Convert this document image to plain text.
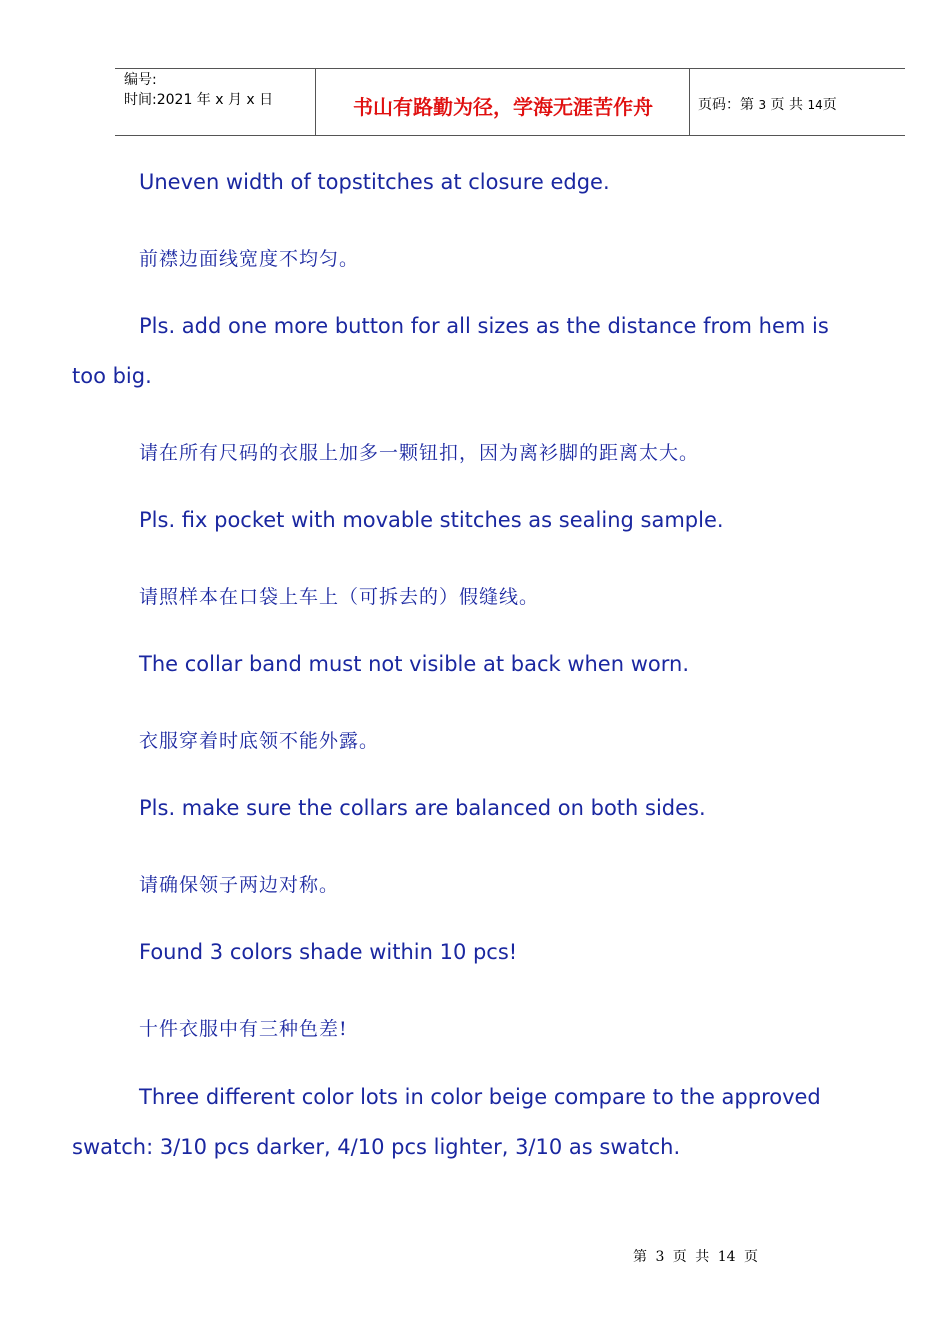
编号:
时间:2021 年 x 月 x 日	书山有路勤为径，学海无涯苦作舟	页码：第 3 页 共 14页
Uneven width of topstitches at closure edge.
前襟边面线宽度不均匀。
Pls. add one more button for all sizes as the distance from hem is
too big.
请在所有尺码的衣服上加多一颗钮扣，因为离衫脚的距离太大。
Pls. fix pocket with movable stitches as sealing sample.
请照样本在口袋上车上（可拆去的）假缝线。
The collar band must not visible at back when worn.
衣服穿着时底领不能外露。
Pls. make sure the collars are balanced on both sides.
请确保领子两边对称。
Found 3 colors shade within 10 pcs!
十件衣服中有三种色差!
Three different color lots in color beige compare to the approved
swatch: 3/10 pcs darker, 4/10 pcs lighter, 3/10 as swatch.
第 3 页 共 14 页
